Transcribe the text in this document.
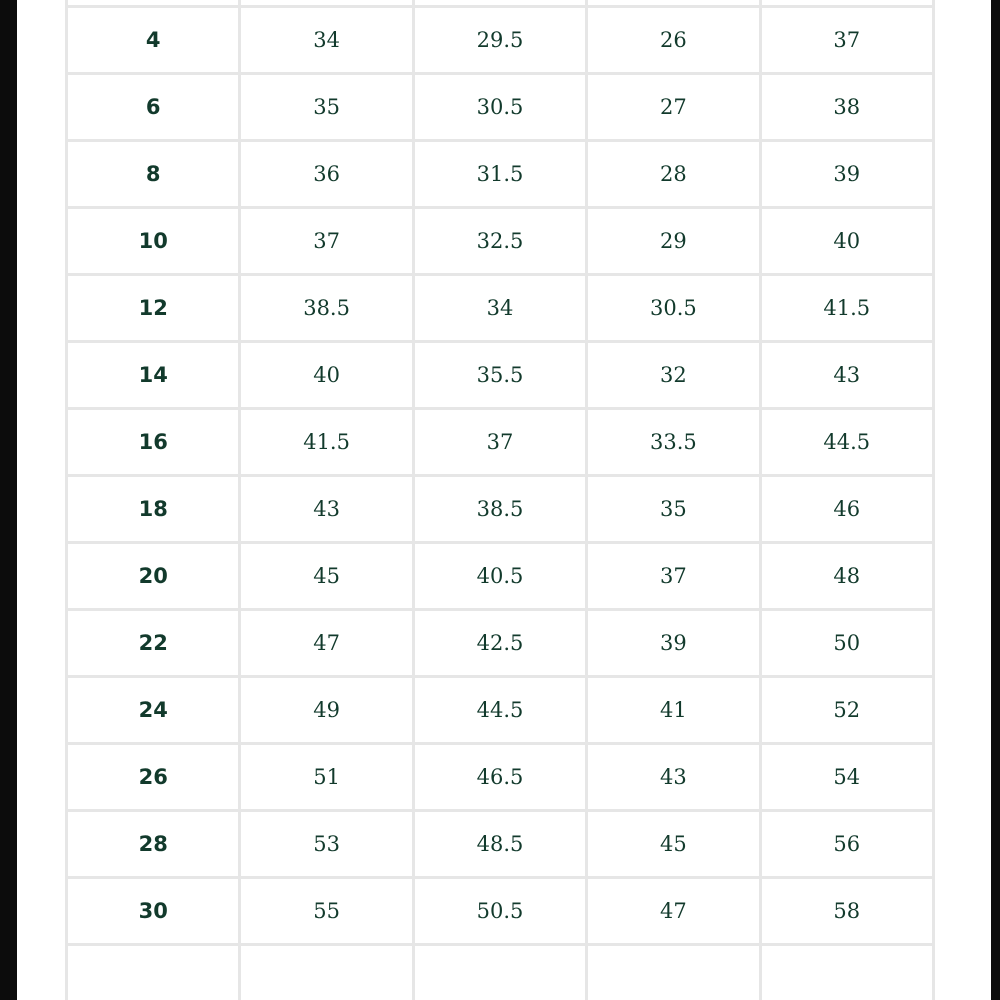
4	34	29.5	26	37
6	35	30.5	27	38
8	36	31.5	28	39
10	37	32.5	29	40
12	38.5	34	30.5	41.5
14	40	35.5	32	43
16	41.5	37	33.5	44.5
18	43	38.5	35	46
20	45	40.5	37	48
22	47	42.5	39	50
24	49	44.5	41	52
26	51	46.5	43	54
28	53	48.5	45	56
30	55	50.5	47	58
